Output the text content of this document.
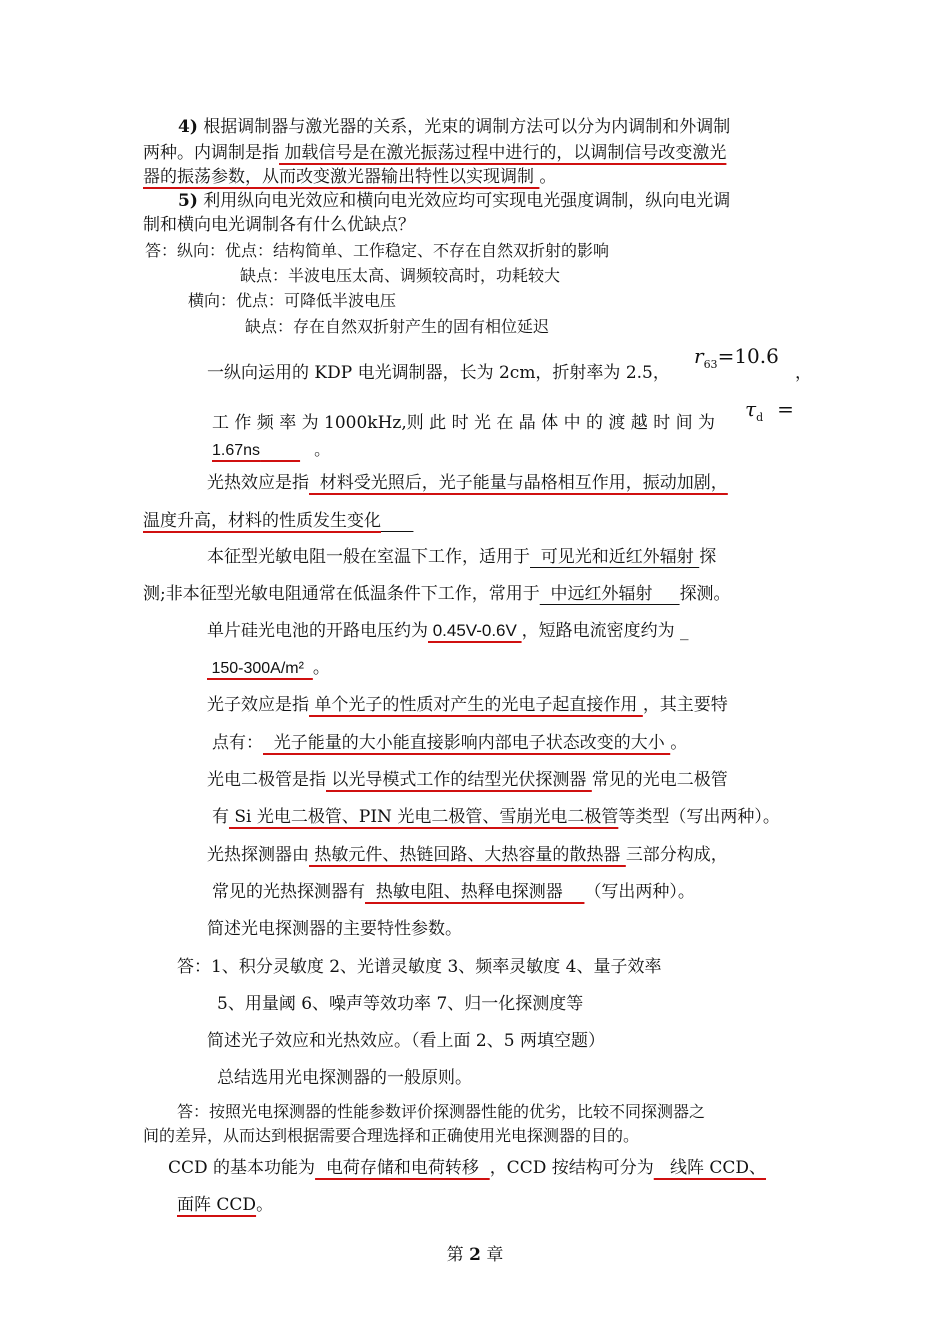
4) 根据调制器与激光器的关系，光束的调制方法可以分为内调制和外调制
两种。内调制是指 加载信号是在激光振荡过程中进行的，以调制信号改变激光
器的振荡参数，从而改变激光器输出特性以实现调制 。
5) 利用纵向电光效应和横向电光效应均可实现电光强度调制，纵向电光调
制和横向电光调制各有什么优缺点？
答：纵向：优点：结构简单、工作稳定、不存在自然双折射的影响
缺点：半波电压太高、调频较高时，功耗较大
横向：优点：可降低半波电压
缺点：存在自然双折射产生的固有相位延迟
一纵向运用的 KDP 电光调制器，长为 2cm，折射率为 2.5，
$r_{63}=10.6$
，
工 作 频 率 为 1000kHz,则 此 时 光 在 晶 体 中 的 渡 越 时 间 为
$\tau_d$ =
1.67ns	。
光热效应是指  材料受光照后，光子能量与晶格相互作用，振动加剧，
温度升高，材料的性质发生变化
本征型光敏电阻一般在室温下工作，适用于  可见光和近红外辐射 探
测;非本征型光敏电阻通常在低温条件下工作，常用于  中远红外辐射     探测。
单片硅光电池的开路电压约为 0.45V-0.6V ，短路电流密度约为 _
150-300A/m²  。
光子效应是指 单个光子的性质对产生的光电子起直接作用 ，其主要特
点有：  光子能量的大小能直接影响内部电子状态改变的大小 。
光电二极管是指 以光导模式工作的结型光伏探测器 常见的光电二极管
有 Si 光电二极管、PIN 光电二极管、雪崩光电二极管等类型（写出两种）。
光热探测器由 热敏元件、热链回路、大热容量的散热器 三部分构成，
常见的光热探测器有  热敏电阻、热释电探测器    （写出两种）。
简述光电探测器的主要特性参数。
答：1、积分灵敏度 2、光谱灵敏度 3、频率灵敏度 4、量子效率
5、用量阈 6、噪声等效功率 7、归一化探测度等
简述光子效应和光热效应。（看上面 2、5 两填空题）
总结选用光电探测器的一般原则。
答：按照光电探测器的性能参数评价探测器性能的优劣，比较不同探测器之
间的差异，从而达到根据需要合理选择和正确使用光电探测器的目的。
CCD 的基本功能为  电荷存储和电荷转移  ，CCD 按结构可分为   线阵 CCD、
面阵 CCD。
第 2 章
